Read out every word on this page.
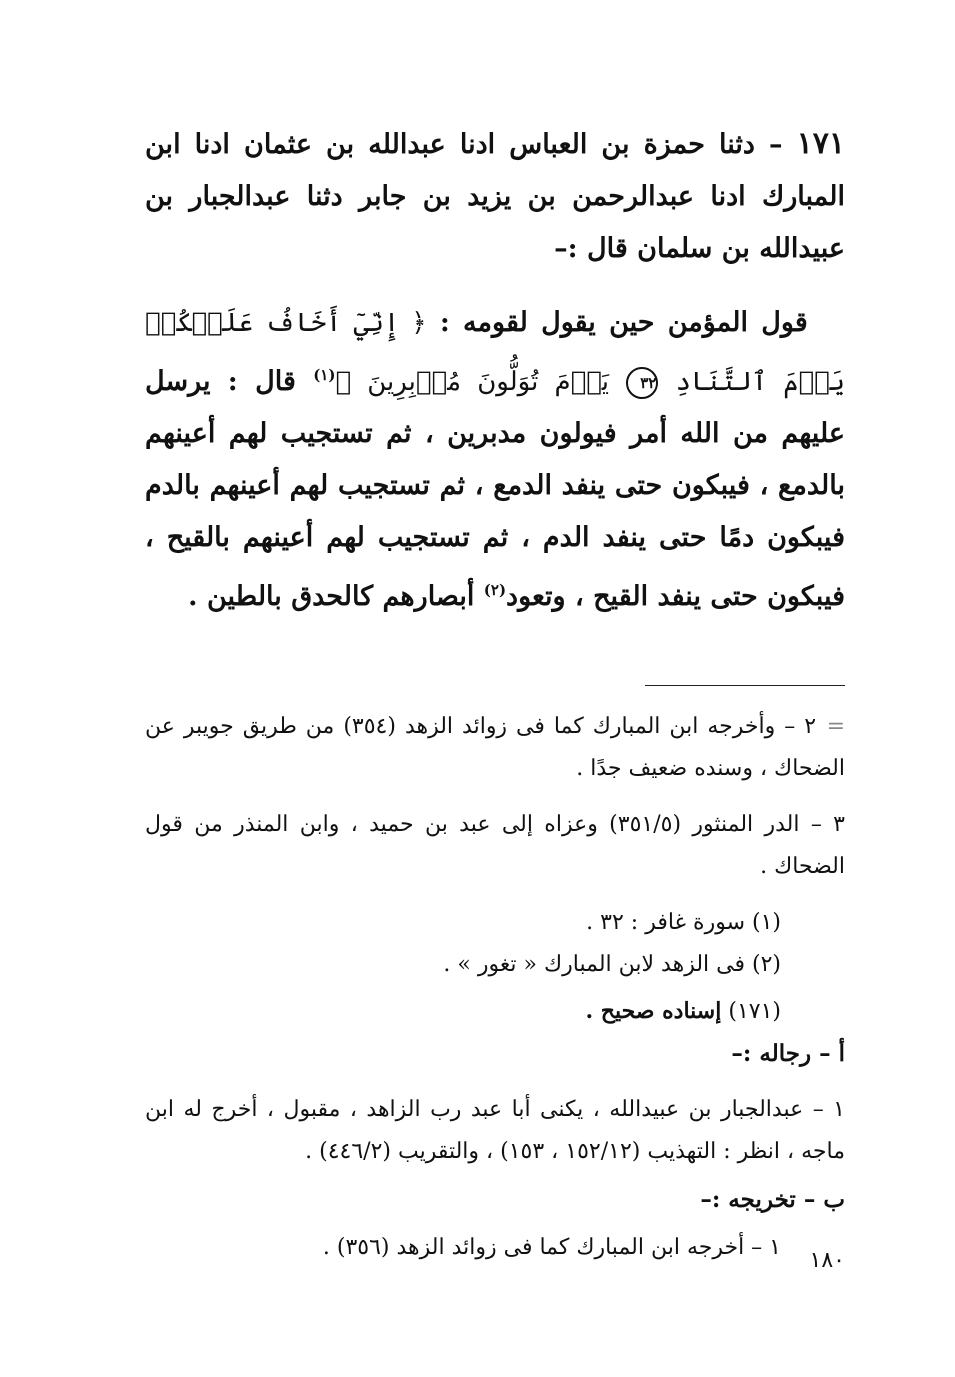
١٧١ – دثنا حمزة بن العباس ادنا عبدالله بن عثمان ادنا ابن المبارك ادنا عبدالرحمن بن يزيد بن جابر دثنا عبدالجبار بن عبيدالله بن سلمان قال :–

قول المؤمن حين يقول لقومه : ﴿ إِنِّيٓ أَخَافُ عَلَيۡكُمۡ يَوۡمَ ٱلتَّنَادِ ٣٢ يَوۡمَ تُوَلُّونَ مُدۡبِرِينَ ﴾$^{(١)}$ قال : يرسل عليهم من الله أمر فيولون مدبرين ، ثم تستجيب لهم أعينهم بالدمع ، فيبكون حتى ينفد الدمع ، ثم تستجيب لهم أعينهم بالدم فيبكون دمًا حتى ينفد الدم ، ثم تستجيب لهم أعينهم بالقيح ، فيبكون حتى ينفد القيح ، وتعود$^{(٢)}$ أبصارهم كالحدق بالطين .

= ٢ – وأخرجه ابن المبارك كما فى زوائد الزهد (٣٥٤) من طريق جويبر عن الضحاك ، وسنده ضعيف جدًا .

٣ – الدر المنثور (٣٥١/٥) وعزاه إلى عبد بن حميد ، وابن المنذر من قول الضحاك .

(١) سورة غافر : ٣٢ .

(٢) فى الزهد لابن المبارك « تغور » .

(١٧١) إسناده صحيح .

أ – رجاله :–

١ – عبدالجبار بن عبيدالله ، يكنى أبا عبد رب الزاهد ، مقبول ، أخرج له ابن ماجه ، انظر : التهذيب (١٥٢/١٢ ، ١٥٣) ، والتقريب (٤٤٦/٢) .

ب – تخريجه :–

١ – أخرجه ابن المبارك كما فى زوائد الزهد (٣٥٦) .

١٨٠
